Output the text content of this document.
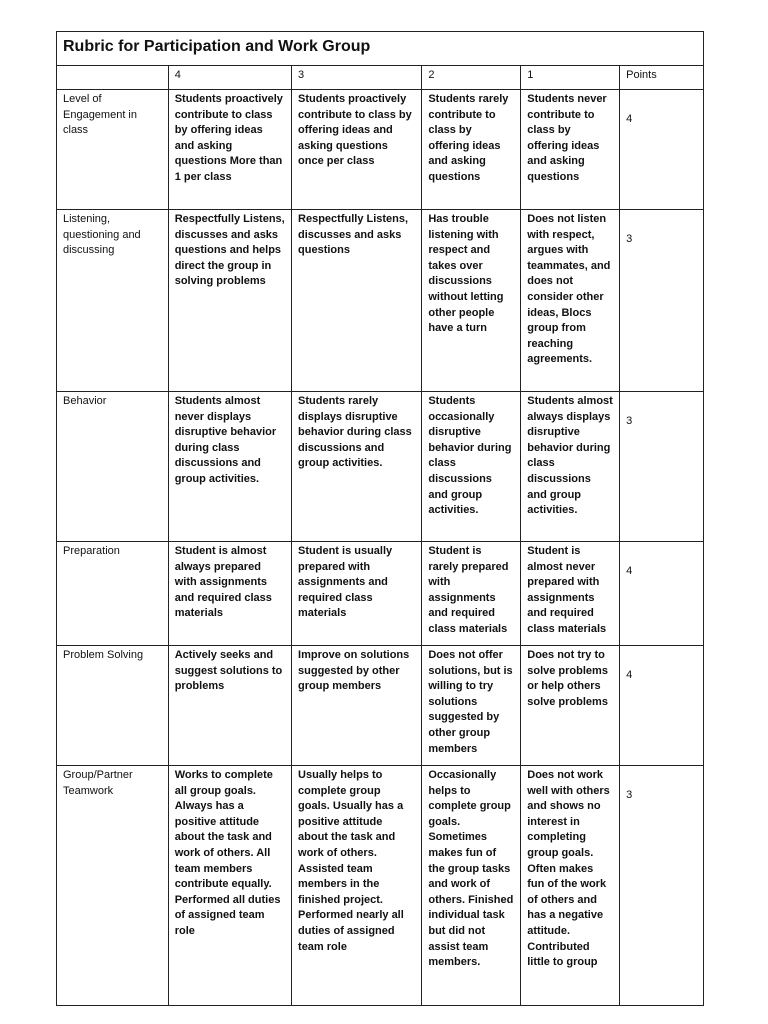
Rubric for Participation and Work Group					
	4	3	2	1	Points
Level of Engagement in class	Students proactively contribute to class by offering ideas and asking questions More than 1 per class	Students proactively contribute to class by offering ideas and asking questions once per class	Students rarely contribute to class by offering ideas and asking questions	Students never contribute to class by offering ideas and asking questions	4
Listening, questioning and discussing	Respectfully Listens, discusses and asks questions and helps direct the group in solving problems	Respectfully Listens, discusses and asks questions	Has trouble listening with respect and takes over discussions without letting other people have a turn	Does not listen with respect, argues with teammates, and does not consider other ideas, Blocs group from reaching agreements.	3
Behavior	Students almost never displays disruptive behavior during class discussions and group activities.	Students rarely displays disruptive behavior during class discussions and group activities.	Students occasionally disruptive behavior during class discussions and group activities.	Students almost always displays disruptive behavior during class discussions and group activities.	3
Preparation	Student is almost always prepared with assignments and required class materials	Student is usually prepared with assignments and required class materials	Student is rarely prepared with assignments and required class materials	Student is almost never prepared with assignments and required class materials	4
Problem Solving	Actively seeks and suggest solutions to problems	Improve on solutions suggested by other group members	Does not offer solutions, but is willing to try solutions suggested by other group members	Does not try to solve problems or help others solve problems	4
Group/Partner Teamwork	Works to complete all group goals. Always has a positive attitude about the task and work of others. All team members contribute equally. Performed all duties of assigned team role	Usually helps to complete group goals. Usually has a positive attitude about the task and work of others. Assisted team members in the finished project. Performed nearly all duties of assigned team role	Occasionally helps to complete group goals. Sometimes makes fun of the group tasks and work of others. Finished individual task but did not assist team members.	Does not work well with others and shows no interest in completing group goals. Often makes fun of the work of others and has a negative attitude. Contributed little to group	3
